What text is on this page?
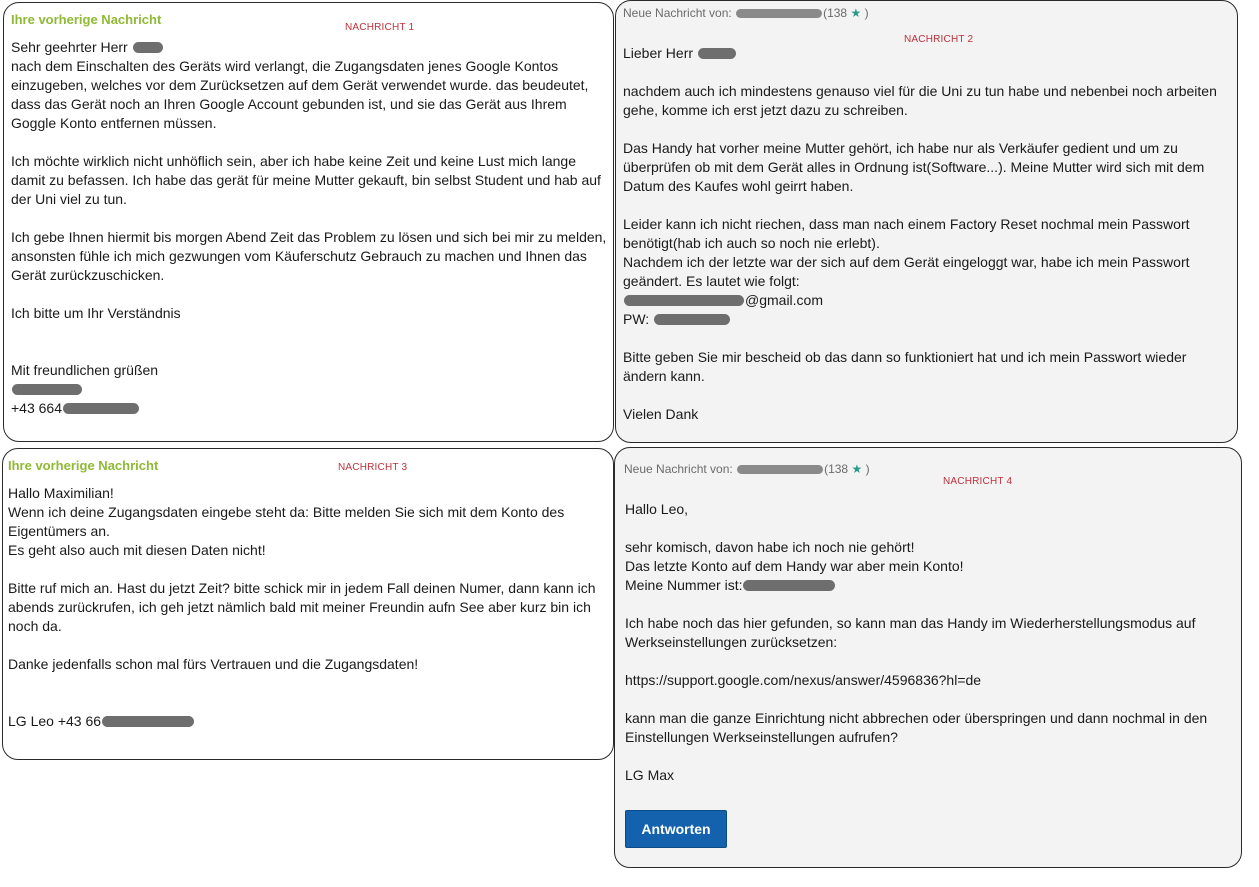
Ihre vorherige Nachricht
NACHRICHT 1

Sehr geehrter Herr

nach dem Einschalten des Geräts wird verlangt, die Zugangsdaten jenes Google Kontos einzugeben, welches vor dem Zurücksetzen auf dem Gerät verwendet wurde. das beudeutet, dass das Gerät noch an Ihren Google Account gebunden ist, und sie das Gerät aus Ihrem Goggle Konto entfernen müssen.

Ich möchte wirklich nicht unhöflich sein, aber ich habe keine Zeit und keine Lust mich lange damit zu befassen. Ich habe das gerät für meine Mutter gekauft, bin selbst Student und hab auf der Uni viel zu tun.

Ich gebe Ihnen hiermit bis morgen Abend Zeit das Problem zu lösen und sich bei mir zu melden, ansonsten fühle ich mich gezwungen vom Käuferschutz Gebrauch zu machen und Ihnen das Gerät zurückzuschicken.

Ich bitte um Ihr Verständnis

Mit freundlichen grüßen

+43 664

Neue Nachricht von:	(138 ★ )
NACHRICHT 2

Lieber Herr

nachdem auch ich mindestens genauso viel für die Uni zu tun habe und nebenbei noch arbeiten gehe, komme ich erst jetzt dazu zu schreiben.

Das Handy hat vorher meine Mutter gehört, ich habe nur als Verkäufer gedient und um zu überprüfen ob mit dem Gerät alles in Ordnung ist(Software...). Meine Mutter wird sich mit dem Datum des Kaufes wohl geirrt haben.

Leider kann ich nicht riechen, dass man nach einem Factory Reset nochmal mein Passwort benötigt(hab ich auch so noch nie erlebt).

Nachdem ich der letzte war der sich auf dem Gerät eingeloggt war, habe ich mein Passwort geändert. Es lautet wie folgt:

@gmail.com

PW:

Bitte geben Sie mir bescheid ob das dann so funktioniert hat und ich mein Passwort wieder ändern kann.

Vielen Dank

Ihre vorherige Nachricht	NACHRICHT 3

Hallo Maximilian!

Wenn ich deine Zugangsdaten eingebe steht da: Bitte melden Sie sich mit dem Konto des Eigentümers an.

Es geht also auch mit diesen Daten nicht!

Bitte ruf mich an. Hast du jetzt Zeit? bitte schick mir in jedem Fall deinen Numer, dann kann ich abends zurückrufen, ich geh jetzt nämlich bald mit meiner Freundin aufn See aber kurz bin ich noch da.

Danke jedenfalls schon mal fürs Vertrauen und die Zugangsdaten!

LG Leo +43 66

Neue Nachricht von:	(138 ★ )
NACHRICHT 4

Hallo Leo,

sehr komisch, davon habe ich noch nie gehört!

Das letzte Konto auf dem Handy war aber mein Konto!

Meine Nummer ist:

Ich habe noch das hier gefunden, so kann man das Handy im Wiederherstellungsmodus auf Werkseinstellungen zurücksetzen:

https://support.google.com/nexus/answer/4596836?hl=de

kann man die ganze Einrichtung nicht abbrechen oder überspringen und dann nochmal in den Einstellungen Werkseinstellungen aufrufen?

LG Max

Antworten
